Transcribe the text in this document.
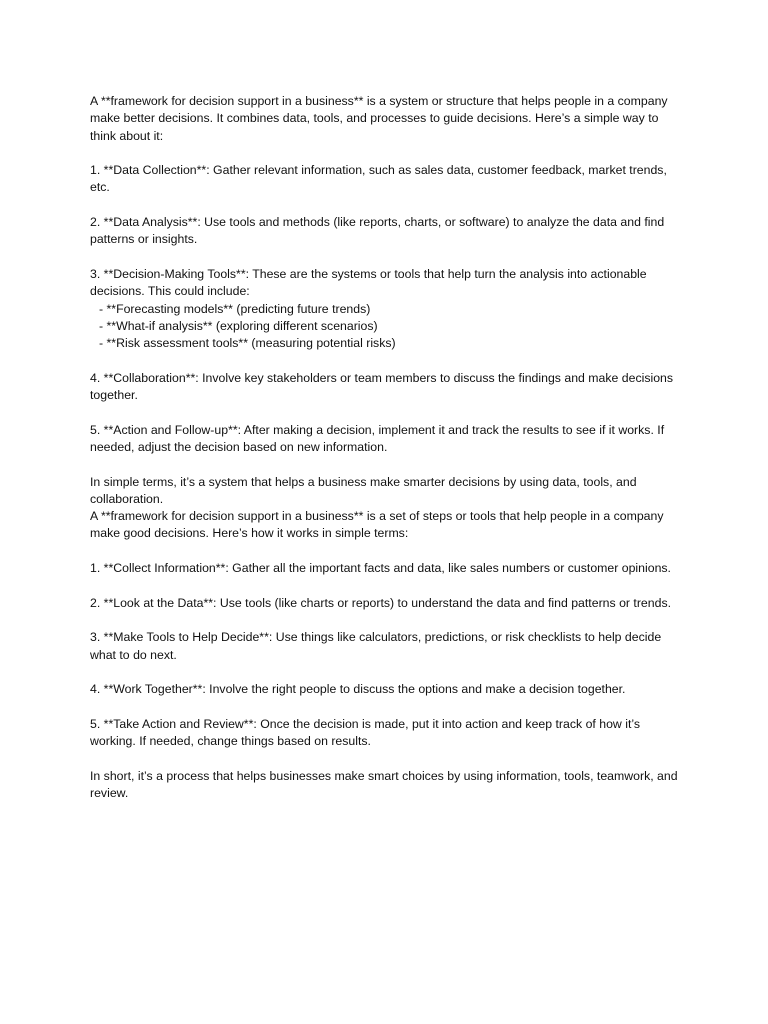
A **framework for decision support in a business** is a system or structure that helps people in a company make better decisions. It combines data, tools, and processes to guide decisions. Here’s a simple way to think about it:

1. **Data Collection**: Gather relevant information, such as sales data, customer feedback, market trends, etc.

2. **Data Analysis**: Use tools and methods (like reports, charts, or software) to analyze the data and find patterns or insights.

3. **Decision-Making Tools**: These are the systems or tools that help turn the analysis into actionable decisions. This could include:

- **Forecasting models** (predicting future trends)
- **What-if analysis** (exploring different scenarios)
- **Risk assessment tools** (measuring potential risks)

4. **Collaboration**: Involve key stakeholders or team members to discuss the findings and make decisions together.

5. **Action and Follow-up**: After making a decision, implement it and track the results to see if it works. If needed, adjust the decision based on new information.

In simple terms, it’s a system that helps a business make smarter decisions by using data, tools, and collaboration.

A **framework for decision support in a business** is a set of steps or tools that help people in a company make good decisions. Here’s how it works in simple terms:

1. **Collect Information**: Gather all the important facts and data, like sales numbers or customer opinions.

2. **Look at the Data**: Use tools (like charts or reports) to understand the data and find patterns or trends.

3. **Make Tools to Help Decide**: Use things like calculators, predictions, or risk checklists to help decide what to do next.

4. **Work Together**: Involve the right people to discuss the options and make a decision together.

5. **Take Action and Review**: Once the decision is made, put it into action and keep track of how it’s working. If needed, change things based on results.

In short, it’s a process that helps businesses make smart choices by using information, tools, teamwork, and review.
